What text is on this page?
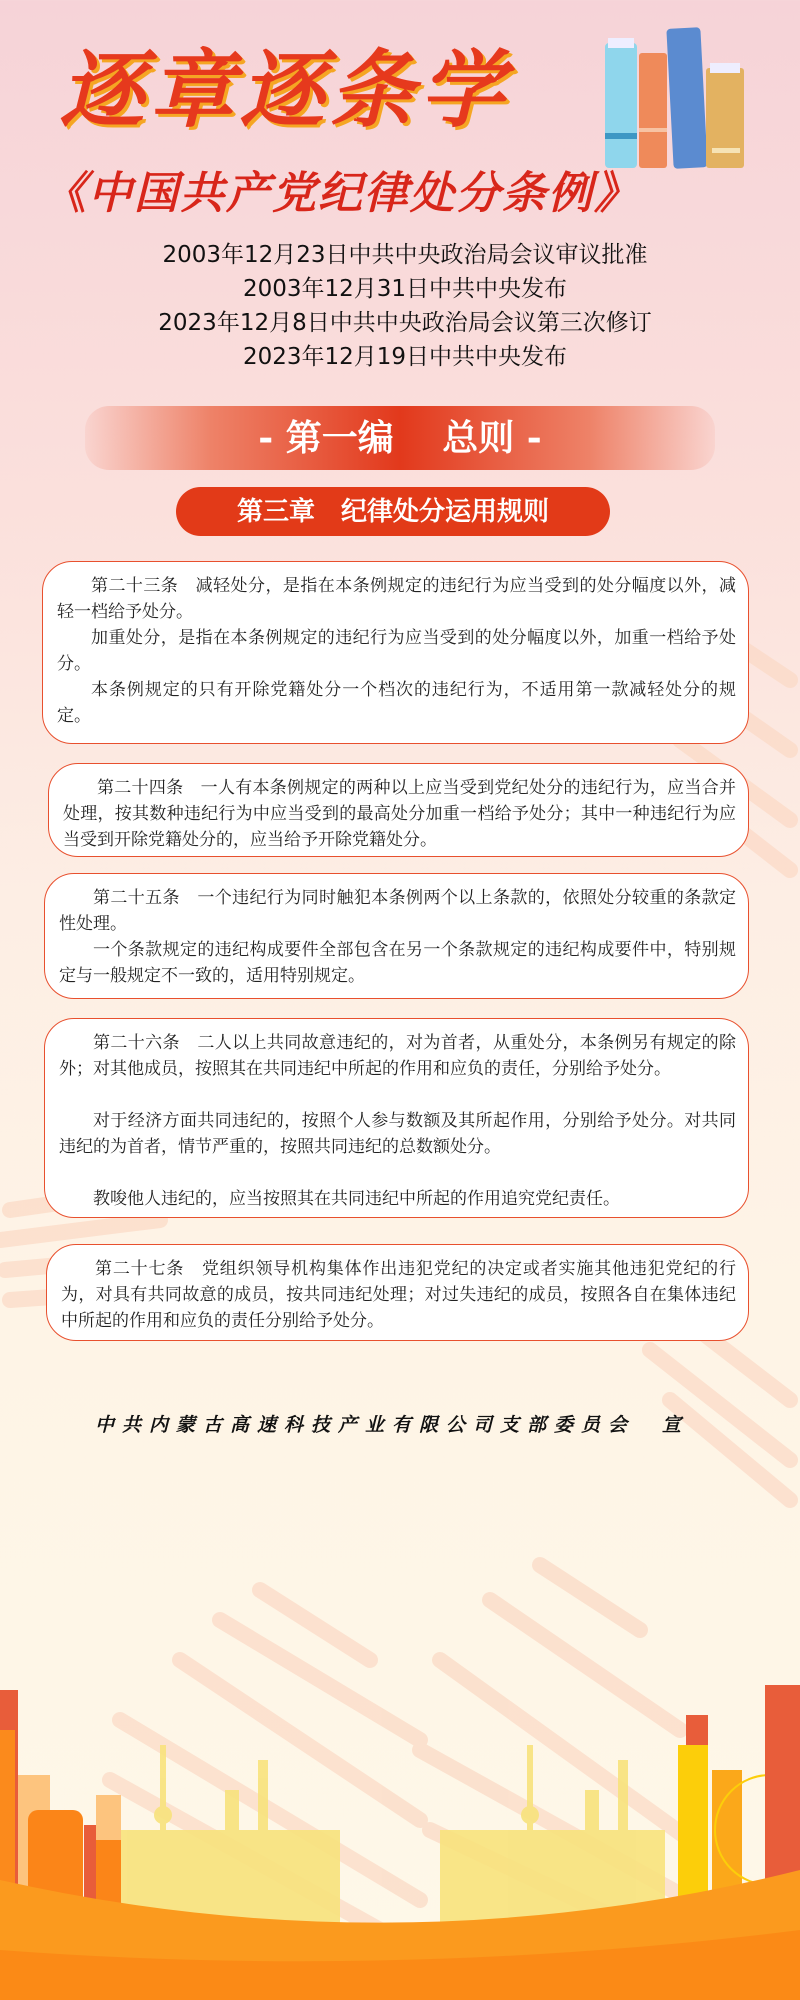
逐章逐条学
《中国共产党纪律处分条例》
2003年12月23日中共中央政治局会议审议批准
2003年12月31日中共中央发布
2023年12月8日中共中央政治局会议第三次修订
2023年12月19日中共中央发布
- 第一编　 总则 -
第三章　纪律处分运用规则

第二十三条　减轻处分，是指在本条例规定的违纪行为应当受到的处分幅度以外，减轻一档给予处分。

加重处分，是指在本条例规定的违纪行为应当受到的处分幅度以外，加重一档给予处分。

本条例规定的只有开除党籍处分一个档次的违纪行为，不适用第一款减轻处分的规定。

第二十四条　一人有本条例规定的两种以上应当受到党纪处分的违纪行为，应当合并处理，按其数种违纪行为中应当受到的最高处分加重一档给予处分；其中一种违纪行为应当受到开除党籍处分的，应当给予开除党籍处分。

第二十五条　一个违纪行为同时触犯本条例两个以上条款的，依照处分较重的条款定性处理。

一个条款规定的违纪构成要件全部包含在另一个条款规定的违纪构成要件中，特别规定与一般规定不一致的，适用特别规定。

第二十六条　二人以上共同故意违纪的，对为首者，从重处分，本条例另有规定的除外；对其他成员，按照其在共同违纪中所起的作用和应负的责任，分别给予处分。

对于经济方面共同违纪的，按照个人参与数额及其所起作用，分别给予处分。对共同违纪的为首者，情节严重的，按照共同违纪的总数额处分。

教唆他人违纪的，应当按照其在共同违纪中所起的作用追究党纪责任。

第二十七条　党组织领导机构集体作出违犯党纪的决定或者实施其他违犯党纪的行为，对具有共同故意的成员，按共同违纪处理；对过失违纪的成员，按照各自在集体违纪中所起的作用和应负的责任分别给予处分。

中共内蒙古高速科技产业有限公司支部委员会　宣
